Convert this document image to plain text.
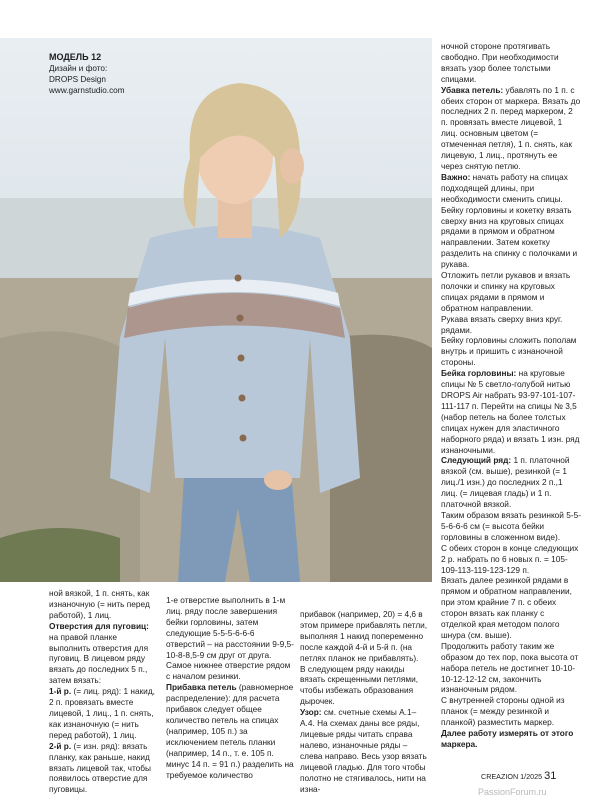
МОДЕЛЬ 12
Дизайн и фото:
DROPS Design
www.garnstudio.com
ной вязкой, 1 п. снять, как изнаночную (= нить перед работой), 1 лиц.
Отверстия для пуговиц: на правой планке выполнить отверстия для пуговиц. В лицевом ряду вязать до последних 5 п., затем вязать:
1-й р. (= лиц. ряд): 1 накид, 2 п. провязать вместе лицевой, 1 лиц., 1 п. снять, как изнаночную (= нить перед работой), 1 лиц.
2-й р. (= изн. ряд): вязать планку, как раньше, накид вязать лицевой так, чтобы появилось отверстие для пуговицы.
1-е отверстие выполнить в 1-м лиц. ряду после завершения бейки горловины, затем следующие 5-5-5-6-6-6 отверстий – на расстоянии 9-9,5-10-8-8,5-9 см друг от друга. Самое нижнее отверстие рядом с началом резинки.
Прибавка петель (равномерное распределение): для расчета прибавок следует общее количество петель на спицах (например, 105 п.) за исключением петель планки (например, 14 п., т. е. 105 п. минус 14 п. = 91 п.) разделить на требуемое количество
прибавок (например, 20) = 4,6 в этом примере прибавлять петли, выполняя 1 накид попеременно после каждой 4-й и 5-й п. (на петлях планок не прибавлять).
В следующем ряду накиды вязать скрещенными петлями, чтобы избежать образования дырочек.
Узор: см. счетные схемы А.1–А.4. На схемах даны все ряды, лицевые ряды читать справа налево, изнаночные ряды – слева направо. Весь узор вязать лицевой гладью. Для того чтобы полотно не стягивалось, нити на изна-
ночной стороне протягивать свободно. При необходимости вязать узор более толстыми спицами.
Убавка петель: убавлять по 1 п. с обеих сторон от маркера. Вязать до последних 2 п. перед маркером, 2 п. провязать вместе лицевой, 1 лиц. основным цветом (= отмеченная петля), 1 п. снять, как лицевую, 1 лиц., протянуть ее через снятую петлю.
Важно: начать работу на спицах подходящей длины, при необходимости сменить спицы.
Бейку горловины и кокетку вязать сверху вниз на круговых спицах рядами в прямом и обратном направлении. Затем кокетку разделить на спинку с полочками и рукава.
Отложить петли рукавов и вязать полочки и спинку на круговых спицах рядами в прямом и обратном направлении.
Рукава вязать сверху вниз круг. рядами.
Бейку горловины сложить пополам внутрь и пришить с изнаночной стороны.
Бейка горловины: на круговые спицы № 5 светло-голубой нитью DROPS Air набрать 93-97-101-107-111-117 п. Перейти на спицы № 3,5 (набор петель на более толстых спицах нужен для эластичного наборного ряда) и вязать 1 изн. ряд изнаночными.
Следующий ряд: 1 п. платочной вязкой (см. выше), резинкой (= 1 лиц./1 изн.) до последних 2 п.,1 лиц. (= лицевая гладь) и 1 п. платочной вязкой.
Таким образом вязать резинкой 5-5-5-6-6-6 см (= высота бейки горловины в сложенном виде).
С обеих сторон в конце следующих 2 р. набрать по 6 новых п. = 105-109-113-119-123-129 п.
Вязать далее резинкой рядами в прямом и обратном направлении, при этом крайние 7 п. с обеих сторон вязать как планку с отделкой края методом полого шнура (см. выше).
Продолжить работу таким же образом до тех пор, пока высота от набора петель не достигнет 10-10-10-12-12-12 см, закончить изнаночным рядом.
С внутренней стороны одной из планок (= между резинкой и планкой) разместить маркер. Далее работу измерять от этого маркера.
CREAZION 1/2025 31
PassionForum.ru
